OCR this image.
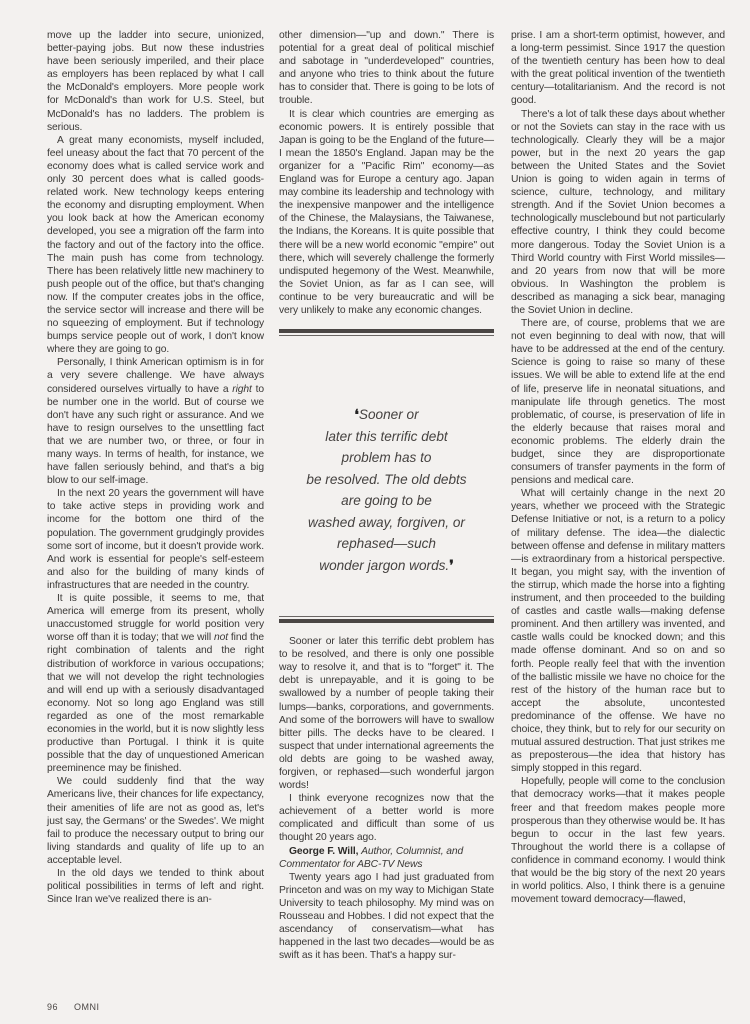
move up the ladder into secure, unionized, better-paying jobs. But now these industries have been seriously imperiled, and their place as employers has been replaced by what I call the McDonald's employers. More people work for McDonald's than work for U.S. Steel, but McDonald's has no ladders. The problem is serious.

A great many economists, myself included, feel uneasy about the fact that 70 percent of the economy does what is called service work and only 30 percent does what is called goods-related work. New technology keeps entering the economy and disrupting employment. When you look back at how the American economy developed, you see a migration off the farm into the factory and out of the factory into the office. The main push has come from technology. There has been relatively little new machinery to push people out of the office, but that's changing now. If the computer creates jobs in the office, the service sector will increase and there will be no squeezing of employment. But if technology bumps service people out of work, I don't know where they are going to go.

Personally, I think American optimism is in for a very severe challenge. We have always considered ourselves virtually to have a right to be number one in the world. But of course we don't have any such right or assurance. And we have to resign ourselves to the unsettling fact that we are number two, or three, or four in many ways. In terms of health, for instance, we have fallen seriously behind, and that's a big blow to our self-image.

In the next 20 years the government will have to take active steps in providing work and income for the bottom one third of the population. The government grudgingly provides some sort of income, but it doesn't provide work. And work is essential for people's self-esteem and also for the building of many kinds of infrastructures that are needed in the country.

It is quite possible, it seems to me, that America will emerge from its present, wholly unaccustomed struggle for world position very worse off than it is today; that we will not find the right combination of talents and the right distribution of workforce in various occupations; that we will not develop the right technologies and will end up with a seriously disadvantaged economy. Not so long ago England was still regarded as one of the most remarkable economies in the world, but it is now slightly less productive than Portugal. I think it is quite possible that the day of unquestioned American preeminence may be finished.

We could suddenly find that the way Americans live, their chances for life expectancy, their amenities of life are not as good as, let's just say, the Germans' or the Swedes'. We might fail to produce the necessary output to bring our living standards and quality of life up to an acceptable level.

In the old days we tended to think about political possibilities in terms of left and right. Since Iran we've realized there is an-

other dimension—"up and down." There is potential for a great deal of political mischief and sabotage in "underdeveloped" countries, and anyone who tries to think about the future has to consider that. There is going to be lots of trouble.

It is clear which countries are emerging as economic powers. It is entirely possible that Japan is going to be the England of the future—I mean the 1850's England. Japan may be the organizer for a "Pacific Rim" economy—as England was for Europe a century ago. Japan may combine its leadership and technology with the inexpensive manpower and the intelligence of the Chinese, the Malaysians, the Taiwanese, the Indians, the Koreans. It is quite possible that there will be a new world economic "empire" out there, which will severely challenge the formerly undisputed hegemony of the West. Meanwhile, the Soviet Union, as far as I can see, will continue to be very bureaucratic and will be very unlikely to make any economic changes.

❛Sooner or
later this terrific debt
problem has to
be resolved. The old debts
are going to be
washed away, forgiven, or
rephased—such
wonder jargon words.❜

Sooner or later this terrific debt problem has to be resolved, and there is only one possible way to resolve it, and that is to "forget" it. The debt is unrepayable, and it is going to be swallowed by a number of people taking their lumps—banks, corporations, and governments. And some of the borrowers will have to swallow bitter pills. The decks have to be cleared. I suspect that under international agreements the old debts are going to be washed away, forgiven, or rephased—such wonderful jargon words!

I think everyone recognizes now that the achievement of a better world is more complicated and difficult than some of us thought 20 years ago.

George F. Will, Author, Columnist, and Commentator for ABC-TV News

Twenty years ago I had just graduated from Princeton and was on my way to Michigan State University to teach philosophy. My mind was on Rousseau and Hobbes. I did not expect that the ascendancy of conservatism—what has happened in the last two decades—would be as swift as it has been. That's a happy sur-

prise. I am a short-term optimist, however, and a long-term pessimist. Since 1917 the question of the twentieth century has been how to deal with the great political invention of the twentieth century—totalitarianism. And the record is not good.

There's a lot of talk these days about whether or not the Soviets can stay in the race with us technologically. Clearly they will be a major power, but in the next 20 years the gap between the United States and the Soviet Union is going to widen again in terms of science, culture, technology, and military strength. And if the Soviet Union becomes a technologically musclebound but not particularly effective country, I think they could become more dangerous. Today the Soviet Union is a Third World country with First World missiles—and 20 years from now that will be more obvious. In Washington the problem is described as managing a sick bear, managing the Soviet Union in decline.

There are, of course, problems that we are not even beginning to deal with now, that will have to be addressed at the end of the century. Science is going to raise so many of these issues. We will be able to extend life at the end of life, preserve life in neonatal situations, and manipulate life through genetics. The most problematic, of course, is preservation of life in the elderly because that raises moral and economic problems. The elderly drain the budget, since they are disproportionate consumers of transfer payments in the form of pensions and medical care.

What will certainly change in the next 20 years, whether we proceed with the Strategic Defense Initiative or not, is a return to a policy of military defense. The idea—the dialectic between offense and defense in military matters—is extraordinary from a historical perspective. It began, you might say, with the invention of the stirrup, which made the horse into a fighting instrument, and then proceeded to the building of castles and castle walls—making defense prominent. And then artillery was invented, and castle walls could be knocked down; and this made offense dominant. And so on and so forth. People really feel that with the invention of the ballistic missile we have no choice for the rest of the history of the human race but to accept the absolute, uncontested predominance of the offense. We have no choice, they think, but to rely for our security on mutual assured destruction. That just strikes me as preposterous—the idea that history has simply stopped in this regard.

Hopefully, people will come to the conclusion that democracy works—that it makes people freer and that freedom makes people more prosperous than they otherwise would be. It has begun to occur in the last few years. Throughout the world there is a collapse of confidence in command economy. I would think that would be the big story of the next 20 years in world politics. Also, I think there is a genuine movement toward democracy—flawed,

96 OMNI
